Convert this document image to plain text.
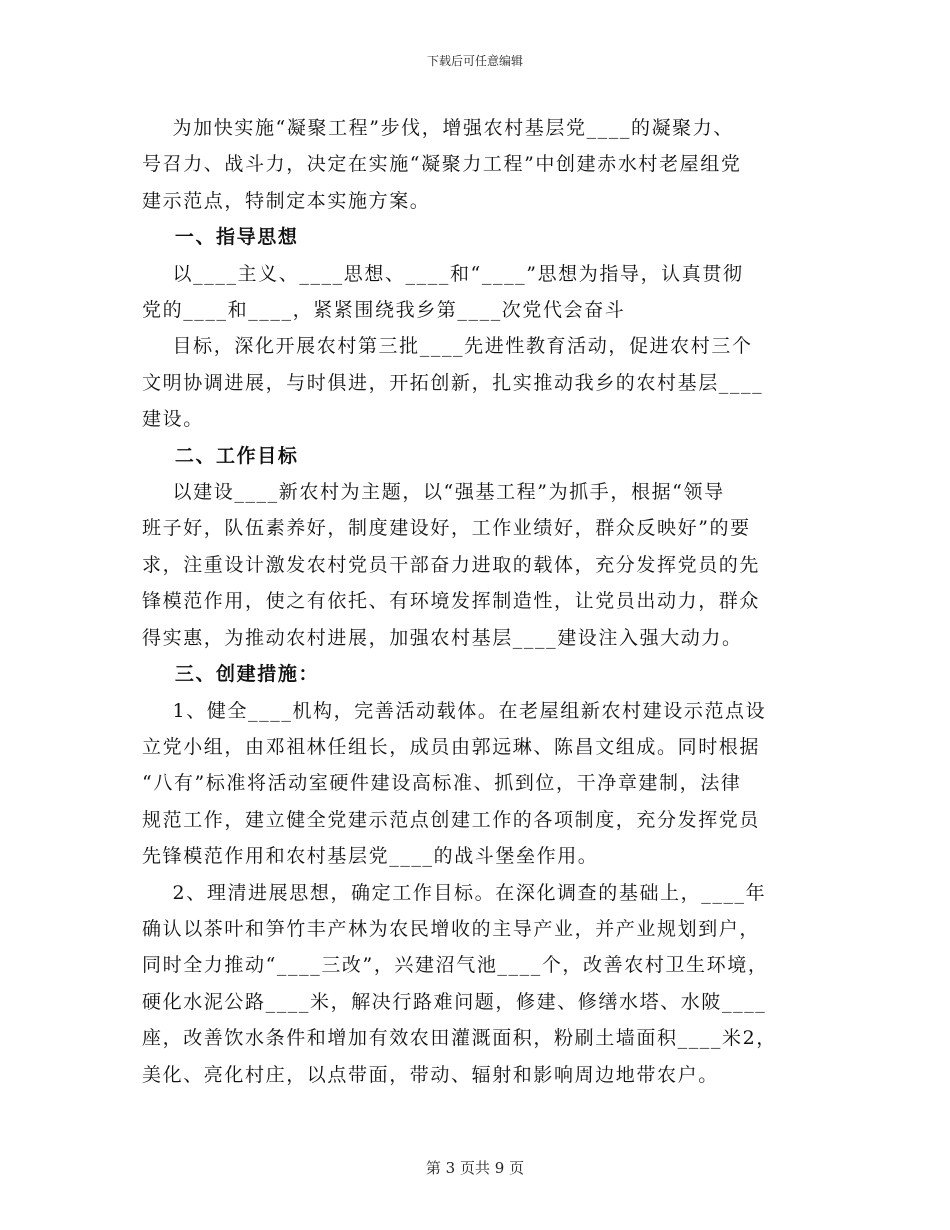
下载后可任意编辑
为加快实施“凝聚工程”步伐，增强农村基层党____的凝聚力、
号召力、战斗力，决定在实施“凝聚力工程”中创建赤水村老屋组党
建示范点，特制定本实施方案。
一、指导思想
以____主义、____思想、____和“____”思想为指导，认真贯彻
党的____和____，紧紧围绕我乡第____次党代会奋斗
目标，深化开展农村第三批____先进性教育活动，促进农村三个
文明协调进展，与时俱进，开拓创新，扎实推动我乡的农村基层____
建设。
二、工作目标
以建设____新农村为主题，以“强基工程”为抓手，根据“领导
班子好，队伍素养好，制度建设好，工作业绩好，群众反映好”的要
求，注重设计激发农村党员干部奋力进取的载体，充分发挥党员的先
锋模范作用，使之有依托、有环境发挥制造性，让党员出动力，群众
得实惠，为推动农村进展，加强农村基层____建设注入强大动力。
三、创建措施：
1、健全____机构，完善活动载体。在老屋组新农村建设示范点设
立党小组，由邓祖林任组长，成员由郭远琳、陈昌文组成。同时根据
“八有”标准将活动室硬件建设高标准、抓到位，干净章建制，法律
规范工作，建立健全党建示范点创建工作的各项制度，充分发挥党员
先锋模范作用和农村基层党____的战斗堡垒作用。
2、理清进展思想，确定工作目标。在深化调查的基础上，____年
确认以茶叶和笋竹丰产林为农民增收的主导产业，并产业规划到户，
同时全力推动“____三改”，兴建沼气池____个，改善农村卫生环境，
硬化水泥公路____米，解决行路难问题，修建、修缮水塔、水陂____
座，改善饮水条件和增加有效农田灌溉面积，粉刷土墙面积____米2，
美化、亮化村庄，以点带面，带动、辐射和影响周边地带农户。
第 3 页共 9 页
